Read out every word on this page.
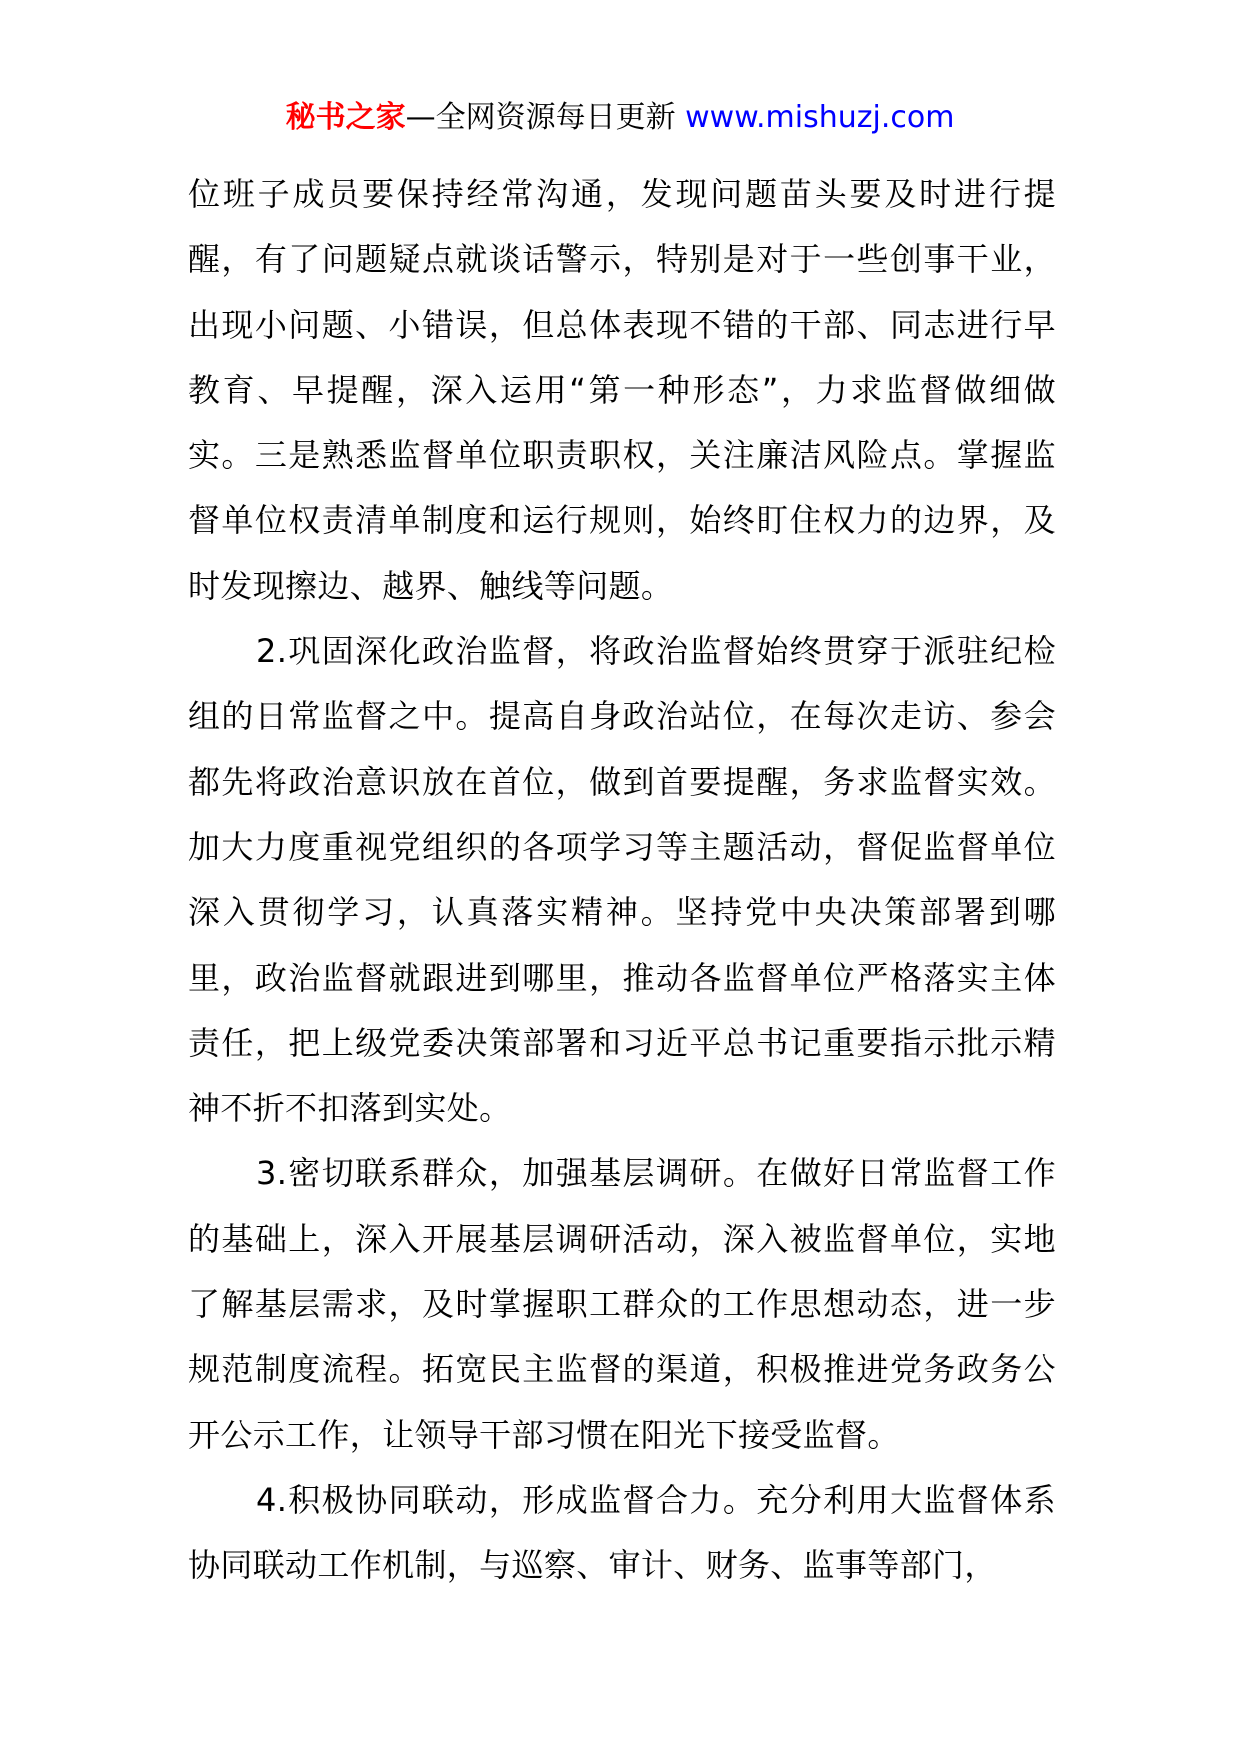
秘书之家—全网资源每日更新 www.mishuzj.com

位班子成员要保持经常沟通，发现问题苗头要及时进行提醒，有了问题疑点就谈话警示，特别是对于一些创事干业，出现小问题、小错误，但总体表现不错的干部、同志进行早教育、早提醒，深入运用“第一种形态”，力求监督做细做实。三是熟悉监督单位职责职权，关注廉洁风险点。掌握监督单位权责清单制度和运行规则，始终盯住权力的边界，及时发现擦边、越界、触线等问题。

2.巩固深化政治监督，将政治监督始终贯穿于派驻纪检组的日常监督之中。提高自身政治站位，在每次走访、参会都先将政治意识放在首位，做到首要提醒，务求监督实效。加大力度重视党组织的各项学习等主题活动，督促监督单位深入贯彻学习，认真落实精神。坚持党中央决策部署到哪里，政治监督就跟进到哪里，推动各监督单位严格落实主体责任，把上级党委决策部署和习近平总书记重要指示批示精神不折不扣落到实处。

3.密切联系群众，加强基层调研。在做好日常监督工作的基础上，深入开展基层调研活动，深入被监督单位，实地了解基层需求，及时掌握职工群众的工作思想动态，进一步规范制度流程。拓宽民主监督的渠道，积极推进党务政务公开公示工作，让领导干部习惯在阳光下接受监督。

4.积极协同联动，形成监督合力。充分利用大监督体系协同联动工作机制，与巡察、审计、财务、监事等部门，
